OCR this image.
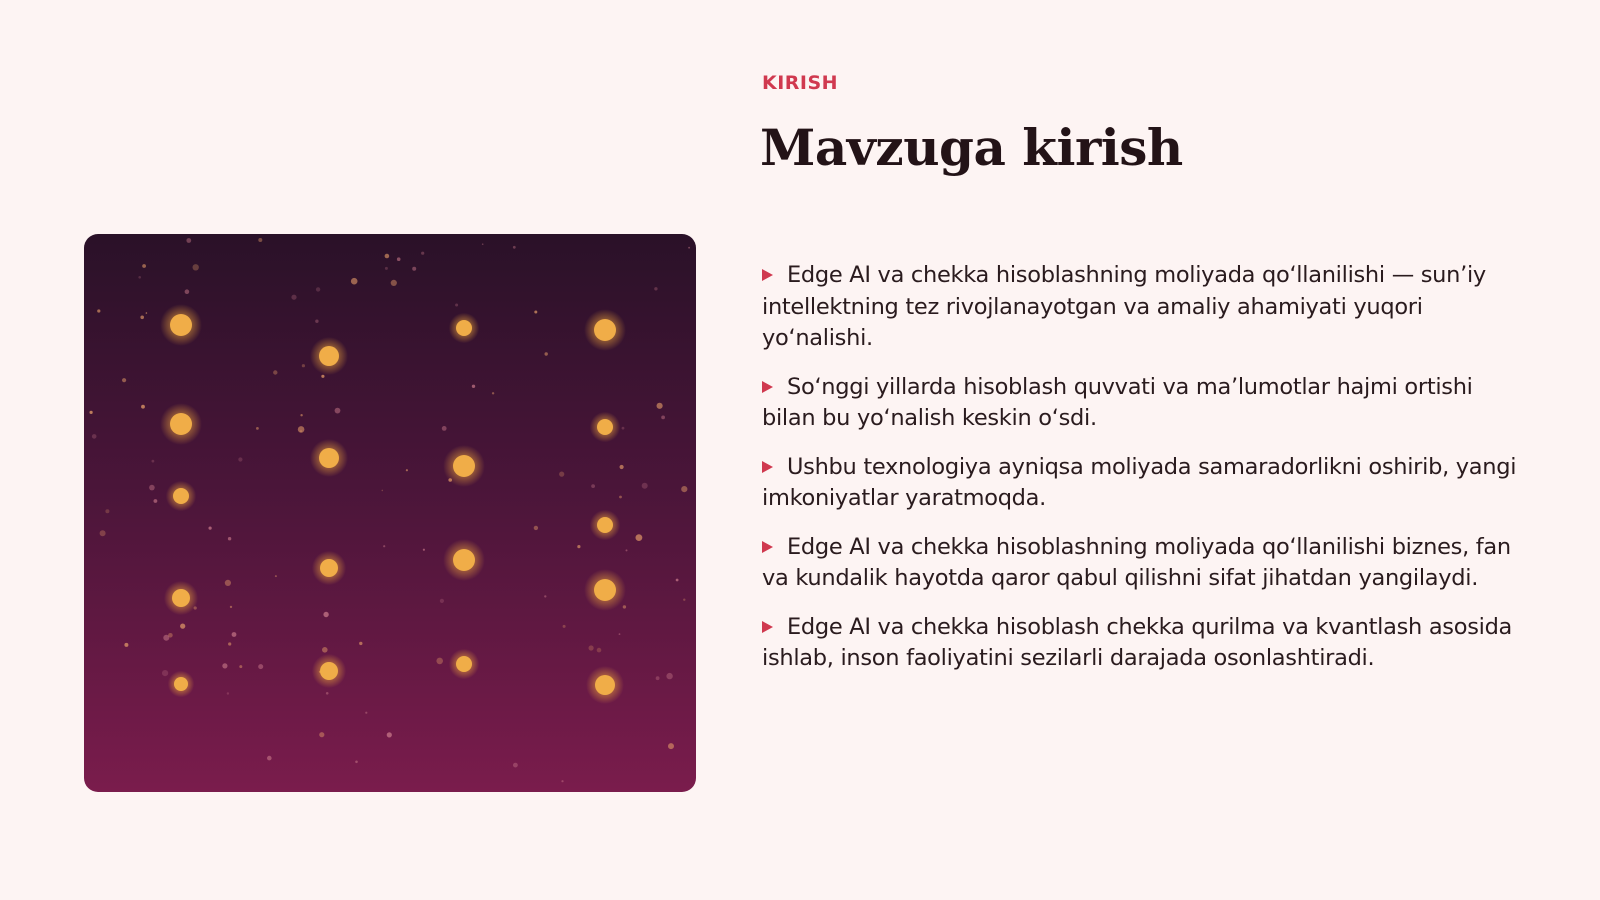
KIRISH
Mavzuga kirish
Edge AI va chekka hisoblashning moliyada qo‘llanilishi — sun’iy intellektning tez rivojlanayotgan va amaliy ahamiyati yuqori yo‘nalishi.
So‘nggi yillarda hisoblash quvvati va ma’lumotlar hajmi ortishi bilan bu yo‘nalish keskin o‘sdi.
Ushbu texnologiya ayniqsa moliyada samaradorlikni oshirib, yangi imkoniyatlar yaratmoqda.
Edge AI va chekka hisoblashning moliyada qo‘llanilishi biznes, fan va kundalik hayotda qaror qabul qilishni sifat jihatdan yangilaydi.
Edge AI va chekka hisoblash chekka qurilma va kvantlash asosida ishlab, inson faoliyatini sezilarli darajada osonlashtiradi.
